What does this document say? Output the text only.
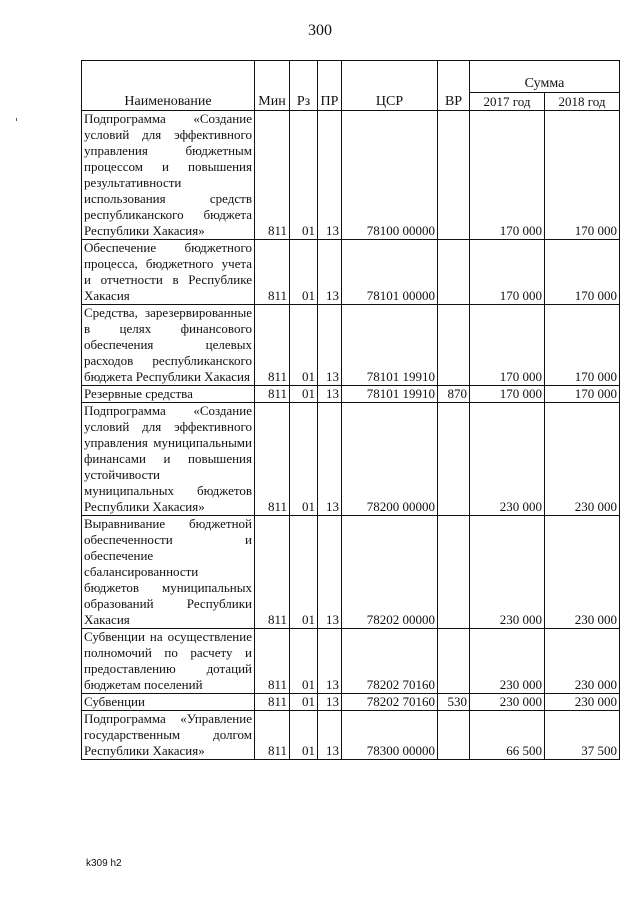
300
Наименование	Мин	Рз	ПР	ЦСР	ВР	Сумма	
						2017 год	2018 год

Подпрограмма «Создание условий для эффективного управления бюджетным процессом и повышения результативности использования средств республиканского бюджета Республики Хакасия»	811	01	13	78100 00000		170 000	170 000

Обеспечение бюджетного процесса, бюджетного учета и отчетности в Республике Хакасия	811	01	13	78101 00000		170 000	170 000

Средства, зарезервированные в целях финансового обеспечения целевых расходов республиканского бюджета Республики Хакасия	811	01	13	78101 19910		170 000	170 000

Резервные средства	811	01	13	78101 19910	870	170 000	170 000

Подпрограмма «Создание условий для эффективного управления муниципальными финансами и повышения устойчивости муниципальных бюджетов Республики Хакасия»	811	01	13	78200 00000		230 000	230 000

Выравнивание бюджетной обеспеченности и обеспечение сбалансированности бюджетов муниципальных образований Республики Хакасия	811	01	13	78202 00000		230 000	230 000

Субвенции на осуществление полномочий по расчету и предоставлению дотаций бюджетам поселений	811	01	13	78202 70160		230 000	230 000

Субвенции	811	01	13	78202 70160	530	230 000	230 000

Подпрограмма «Управление государственным долгом Республики Хакасия»	811	01	13	78300 00000		66 500	37 500
k309 h2
